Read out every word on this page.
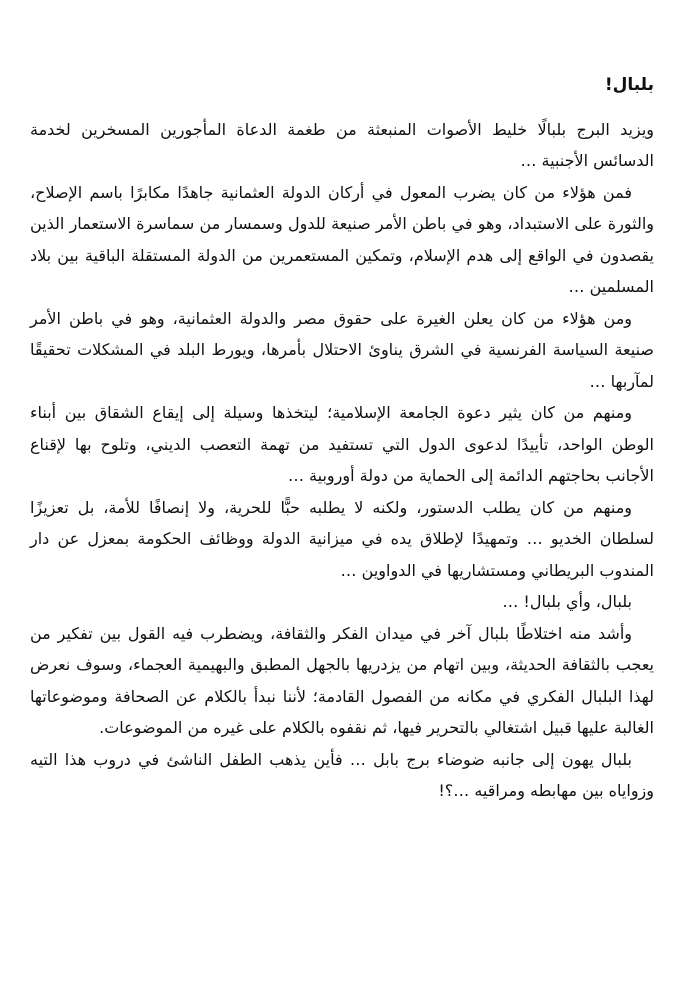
بلبال!

ويزيد البرج بلبالًا خليط الأصوات المنبعثة من طغمة الدعاة المأجورين المسخرين لخدمة الدسائس الأجنبية …

فمن هؤلاء من كان يضرب المعول في أركان الدولة العثمانية جاهدًا مكابرًا باسم الإصلاح، والثورة على الاستبداد، وهو في باطن الأمر صنيعة للدول وسمسار من سماسرة الاستعمار الذين يقصدون في الواقع إلى هدم الإسلام، وتمكين المستعمرين من الدولة المستقلة الباقية بين بلاد المسلمين …

ومن هؤلاء من كان يعلن الغيرة على حقوق مصر والدولة العثمانية، وهو في باطن الأمر صنيعة السياسة الفرنسية في الشرق يناوئ الاحتلال بأمرها، ويورط البلد في المشكلات تحقيقًا لمآربها …

ومنهم من كان يثير دعوة الجامعة الإسلامية؛ ليتخذها وسيلة إلى إيقاع الشقاق بين أبناء الوطن الواحد، تأييدًا لدعوى الدول التي تستفيد من تهمة التعصب الديني، وتلوح بها لإقناع الأجانب بحاجتهم الدائمة إلى الحماية من دولة أوروبية …

ومنهم من كان يطلب الدستور، ولكنه لا يطلبه حبًّا للحرية، ولا إنصافًا للأمة، بل تعزيزًا لسلطان الخديو … وتمهيدًا لإطلاق يده في ميزانية الدولة ووظائف الحكومة بمعزل عن دار المندوب البريطاني ومستشاريها في الدواوين …

بلبال، وأي بلبال! …

وأشد منه اختلاطًا بلبال آخر في ميدان الفكر والثقافة، ويضطرب فيه القول بين تفكير من يعجب بالثقافة الحديثة، وبين اتهام من يزدريها بالجهل المطبق والبهيمية العجماء، وسوف نعرض لهذا البلبال الفكري في مكانه من الفصول القادمة؛ لأننا نبدأ بالكلام عن الصحافة وموضوعاتها الغالبة عليها قبيل اشتغالي بالتحرير فيها، ثم نقفوه بالكلام على غيره من الموضوعات.

بلبال يهون إلى جانبه ضوضاء برج بابل … فأين يذهب الطفل الناشئ في دروب هذا التيه وزواياه بين مهابطه ومراقيه …؟!
